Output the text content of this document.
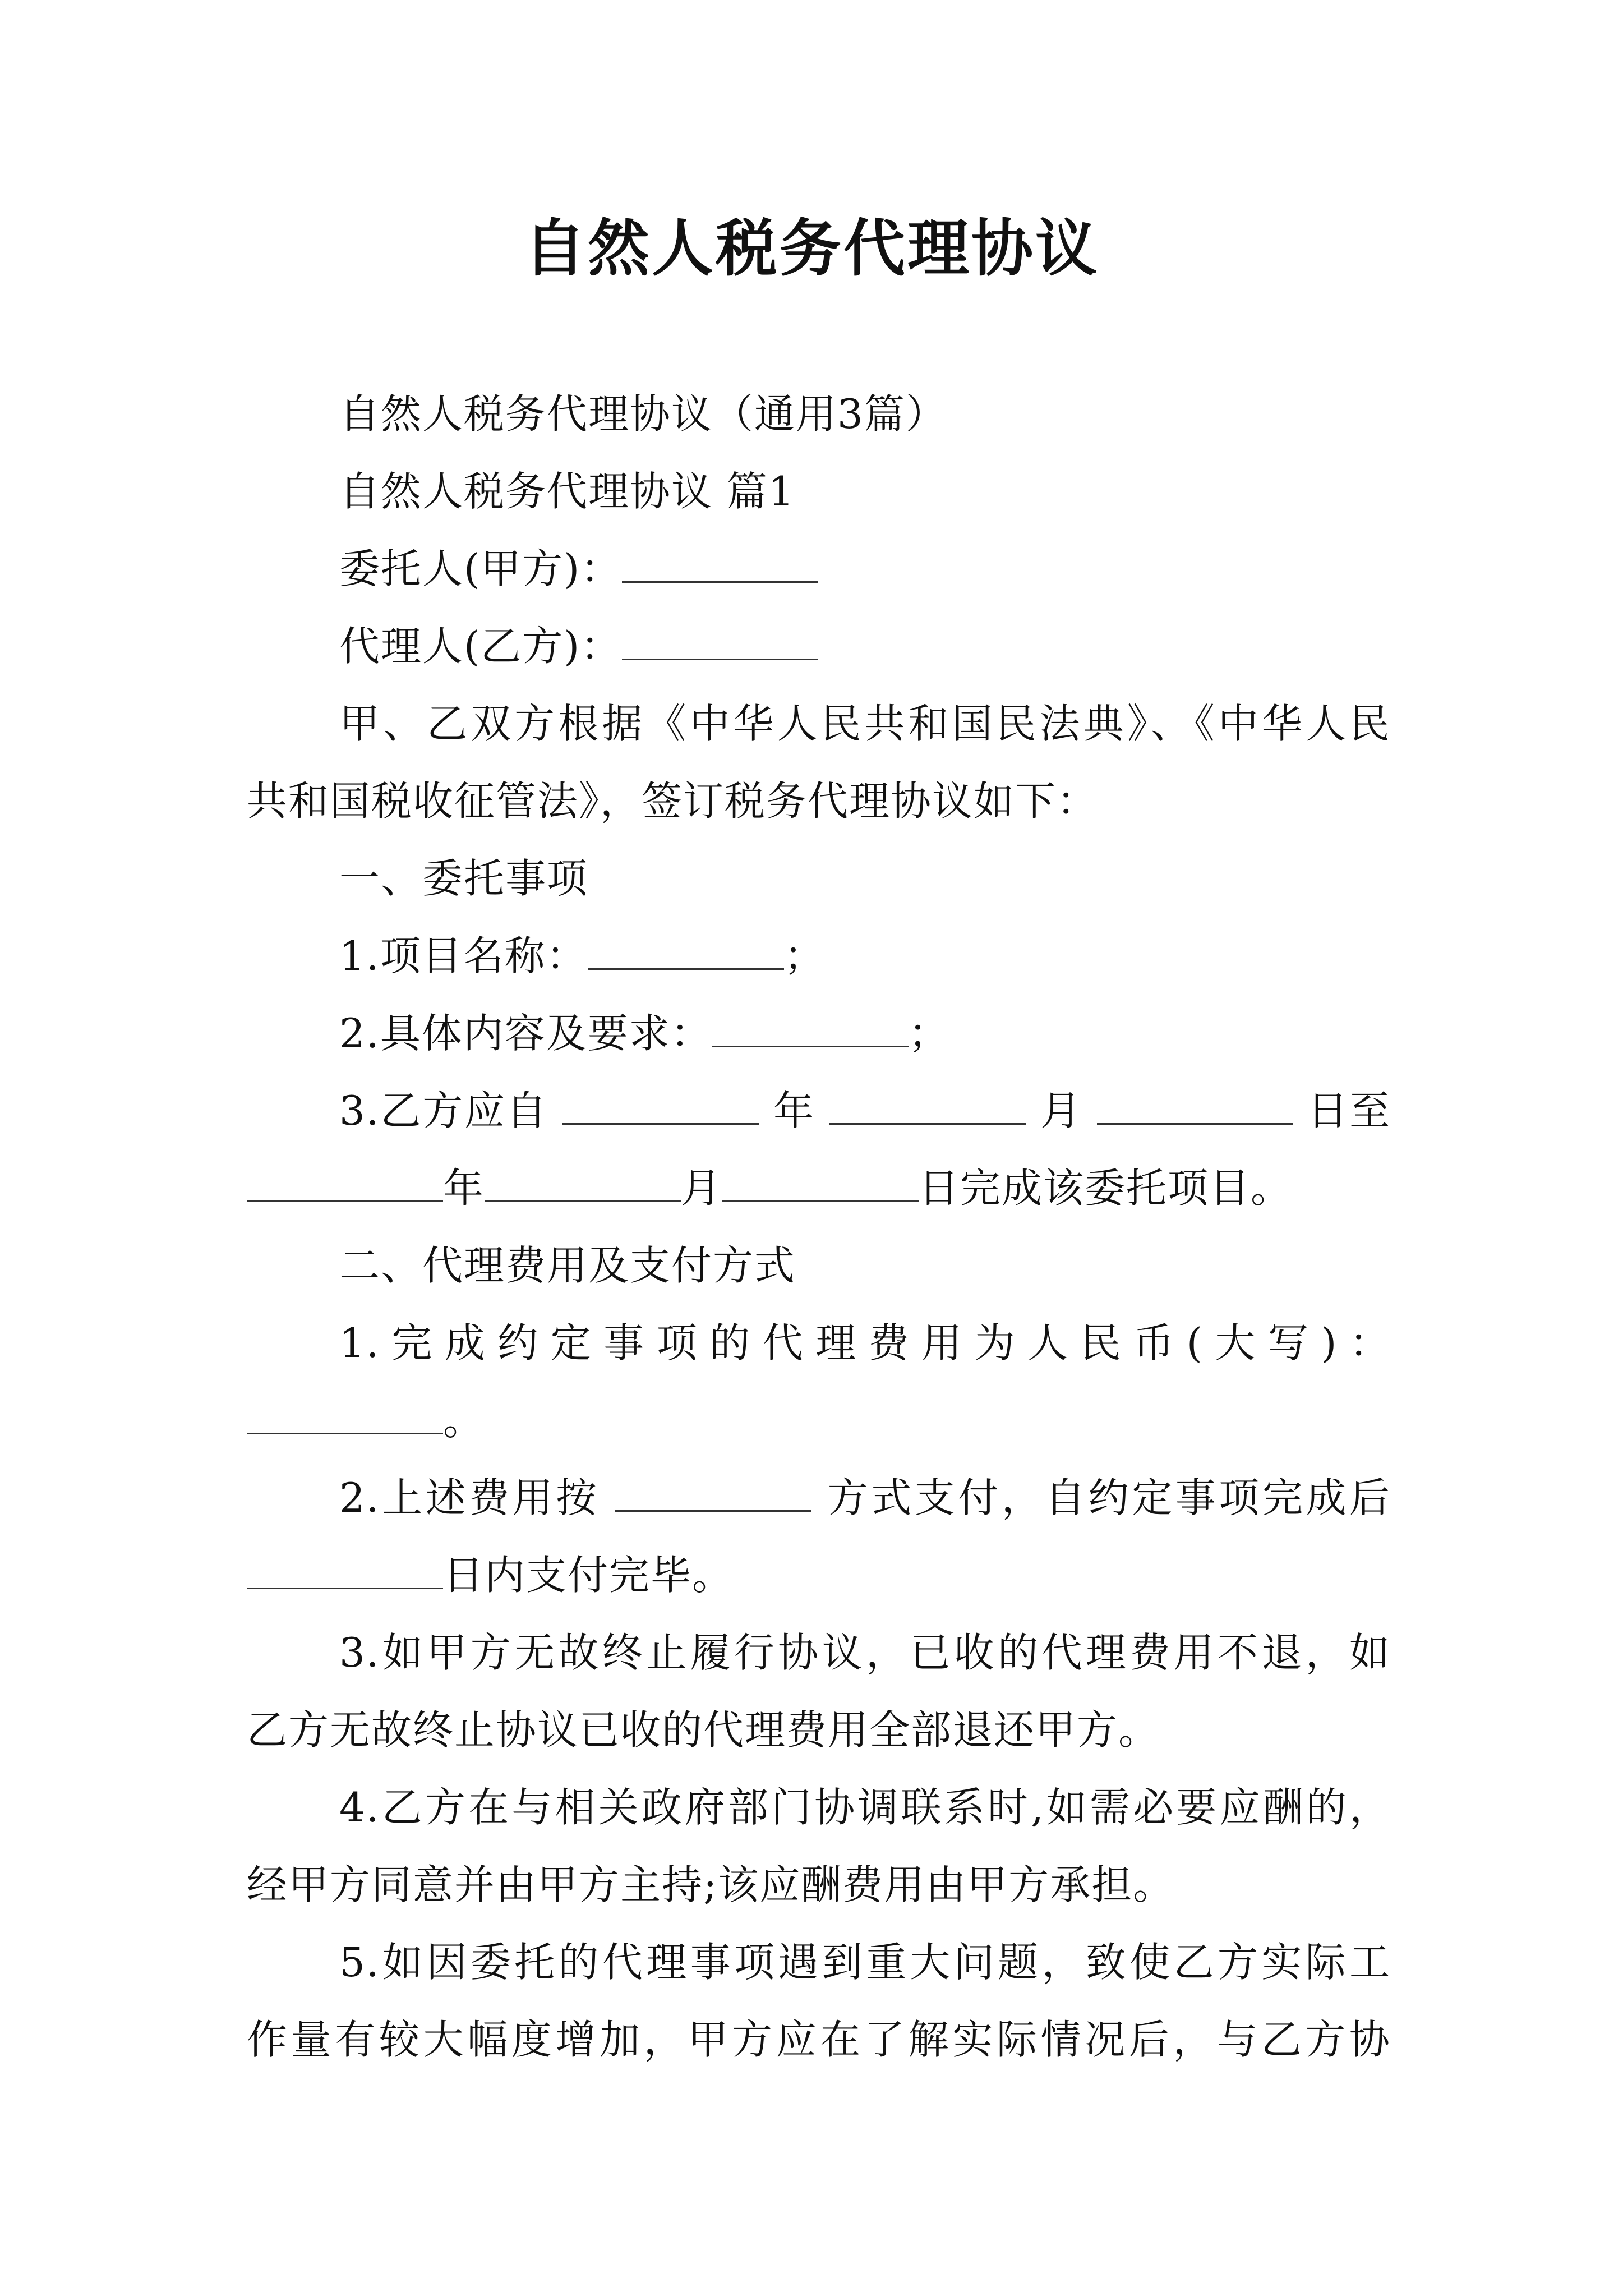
自然人税务代理协议
自然人税务代理协议（通用3篇）
自然人税务代理协议 篇1
委托人(甲方)：
代理人(乙方)：
甲、乙双方根据《中华人民共和国民法典》、《中华人民
共和国税收征管法》，签订税务代理协议如下：
一、委托事项
1.项目名称：	；
2.具体内容及要求：	；
3.乙方应自	年	月	日至
年	月	日完成该委托项目。
二、代理费用及支付方式
1.完成约定事项的代理费用为人民币(大写)：
。
2.上述费用按	方式支付，自约定事项完成后
日内支付完毕。
3.如甲方无故终止履行协议，已收的代理费用不退，如
乙方无故终止协议已收的代理费用全部退还甲方。
4.乙方在与相关政府部门协调联系时,如需必要应酬的，
经甲方同意并由甲方主持;该应酬费用由甲方承担。
5.如因委托的代理事项遇到重大问题，致使乙方实际工
作量有较大幅度增加，甲方应在了解实际情况后，与乙方协
